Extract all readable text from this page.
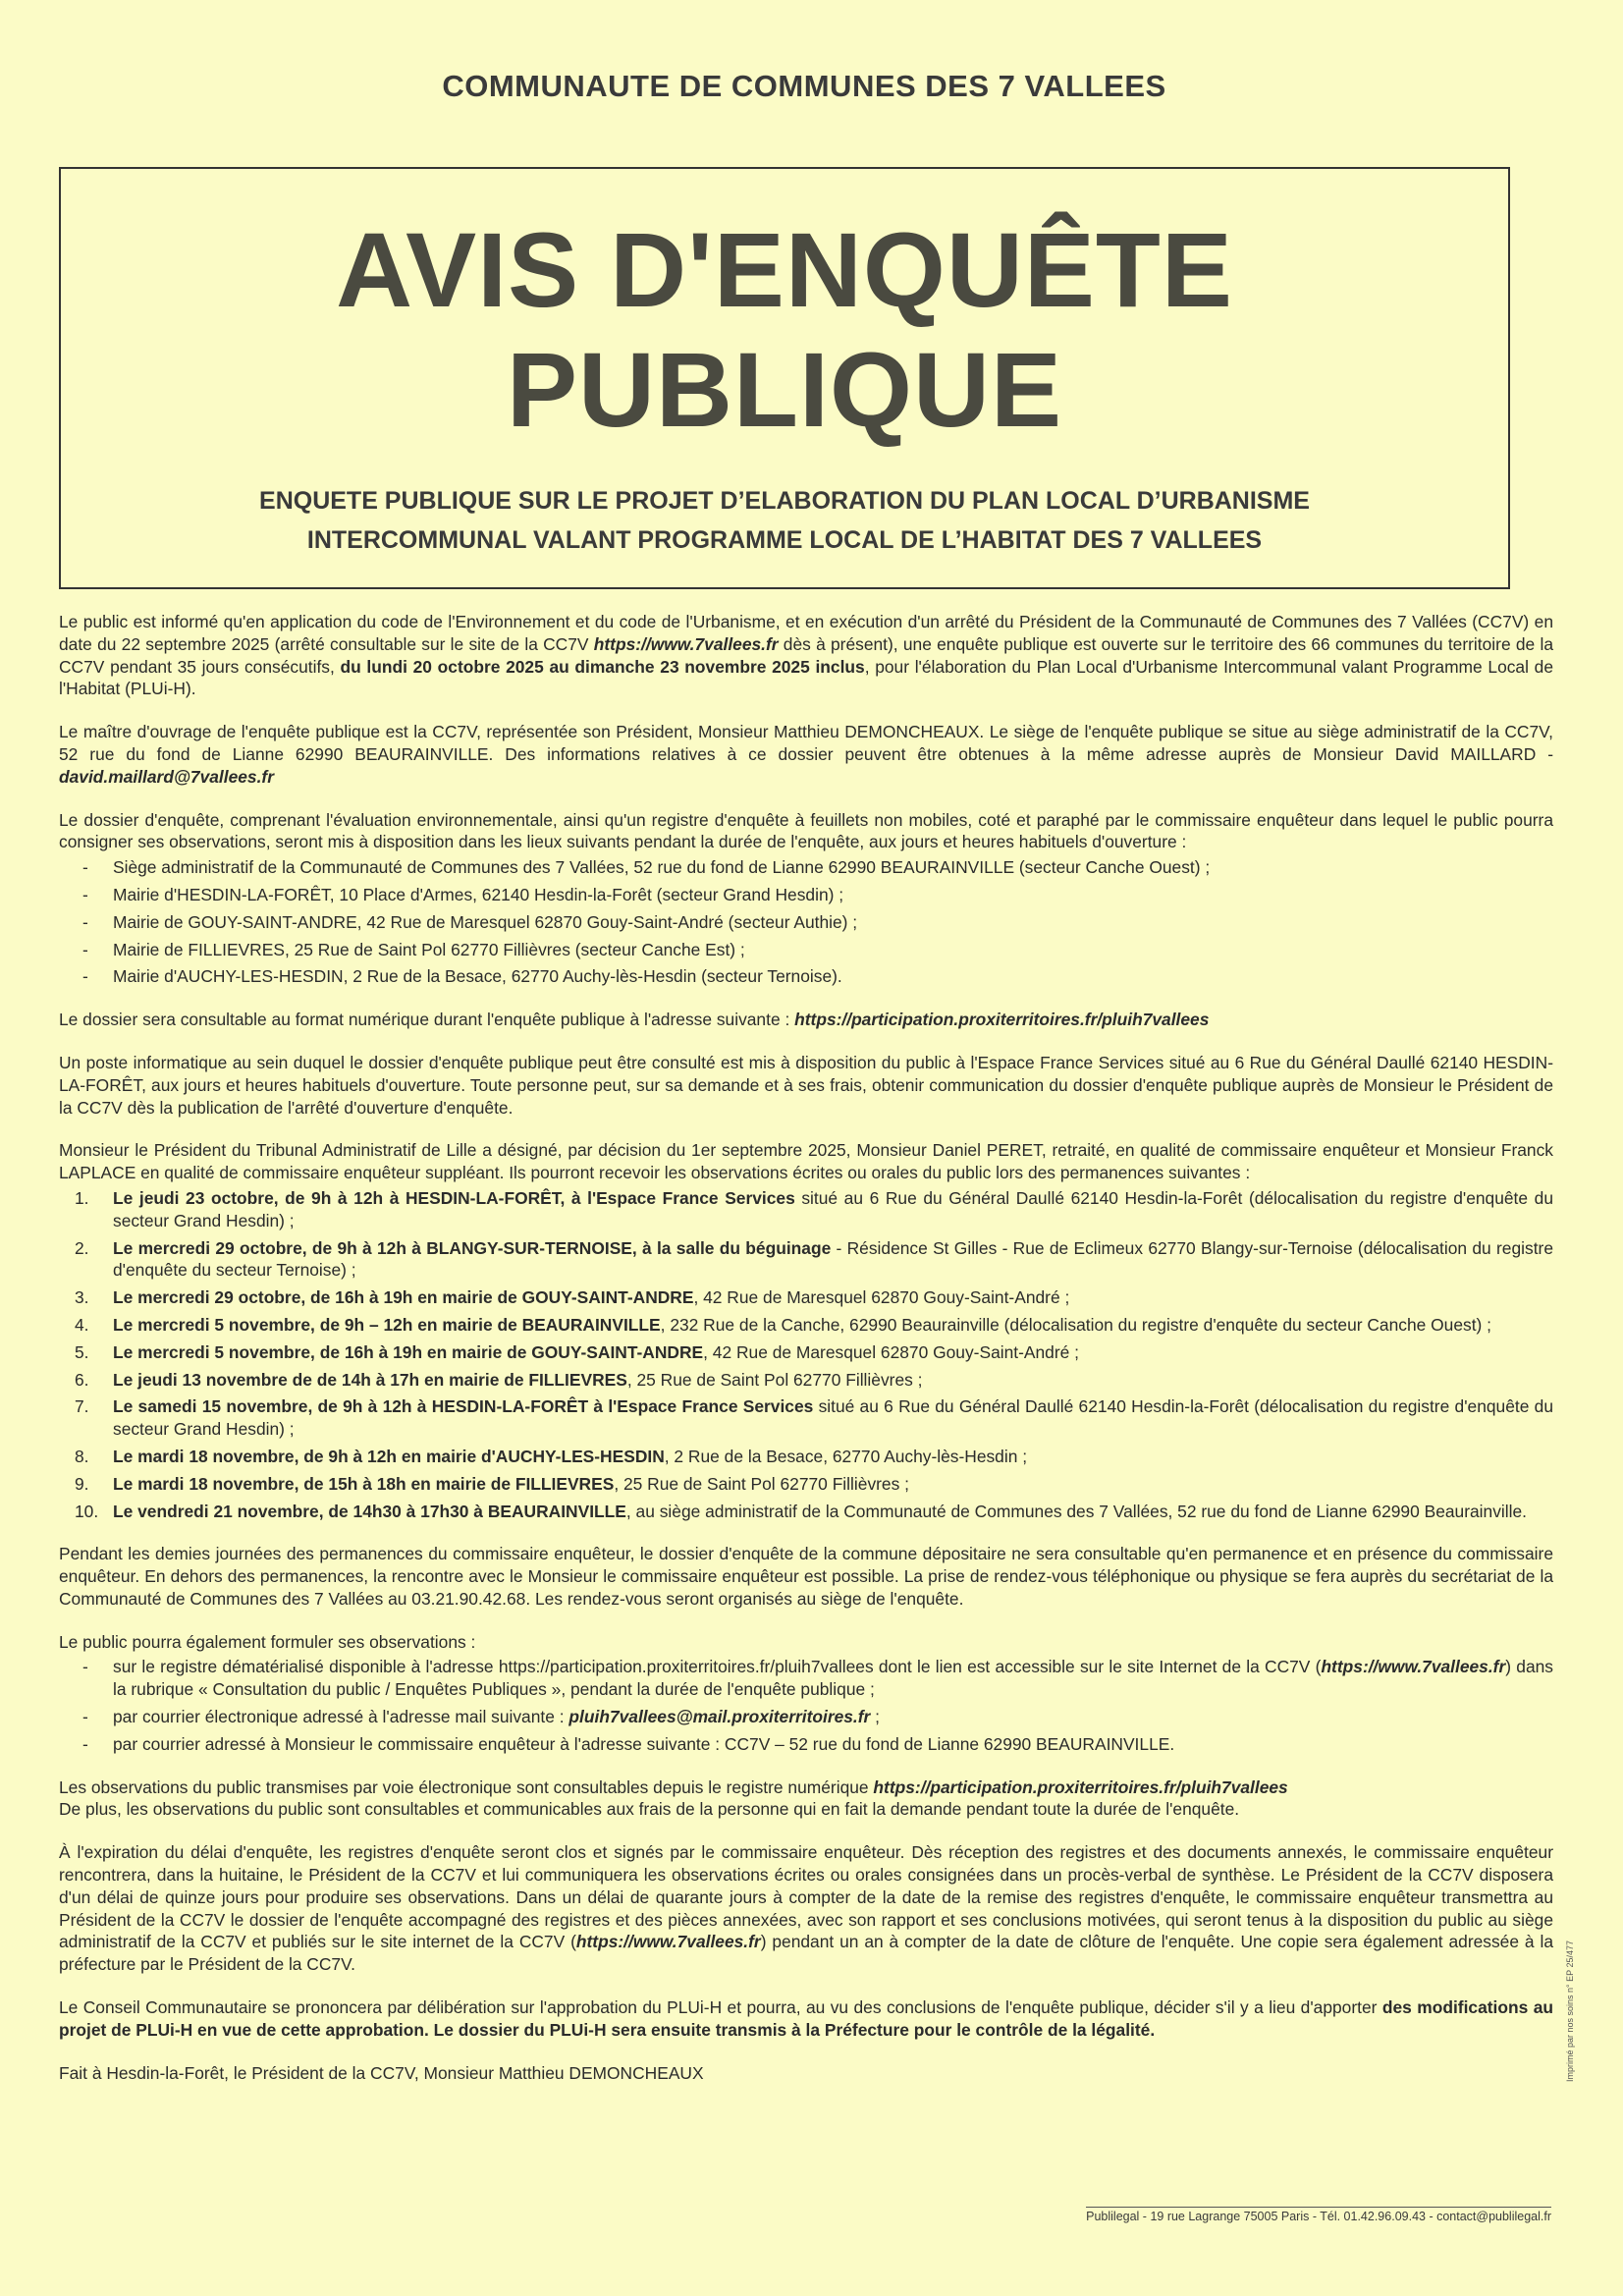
COMMUNAUTE DE COMMUNES DES 7 VALLEES
AVIS D'ENQUÊTE
PUBLIQUE
ENQUETE PUBLIQUE SUR LE PROJET D’ELABORATION DU PLAN LOCAL D’URBANISME
INTERCOMMUNAL VALANT PROGRAMME LOCAL DE L’HABITAT DES 7 VALLEES

Le public est informé qu'en application du code de l'Environnement et du code de l'Urbanisme, et en exécution d'un arrêté du Président de la Communauté de Communes des 7 Vallées (CC7V) en date du 22 septembre 2025 (arrêté consultable sur le site de la CC7V https://www.7vallees.fr dès à présent), une enquête publique est ouverte sur le territoire des 66 communes du territoire de la CC7V pendant 35 jours consécutifs, du lundi 20 octobre 2025 au dimanche 23 novembre 2025 inclus, pour l'élaboration du Plan Local d'Urbanisme Intercommunal valant Programme Local de l'Habitat (PLUi-H).

Le maître d'ouvrage de l'enquête publique est la CC7V, représentée son Président, Monsieur Matthieu DEMONCHEAUX. Le siège de l'enquête publique se situe au siège administratif de la CC7V, 52 rue du fond de Lianne 62990 BEAURAINVILLE. Des informations relatives à ce dossier peuvent être obtenues à la même adresse auprès de Monsieur David MAILLARD - david.maillard@7vallees.fr

Le dossier d'enquête, comprenant l'évaluation environnementale, ainsi qu'un registre d'enquête à feuillets non mobiles, coté et paraphé par le commissaire enquêteur dans lequel le public pourra consigner ses observations, seront mis à disposition dans les lieux suivants pendant la durée de l'enquête, aux jours et heures habituels d'ouverture :

- Siège administratif de la Communauté de Communes des 7 Vallées, 52 rue du fond de Lianne 62990 BEAURAINVILLE (secteur Canche Ouest) ;
- Mairie d'HESDIN-LA-FORÊT, 10 Place d'Armes, 62140 Hesdin-la-Forêt (secteur Grand Hesdin) ;
- Mairie de GOUY-SAINT-ANDRE, 42 Rue de Maresquel 62870 Gouy-Saint-André (secteur Authie) ;
- Mairie de FILLIEVRES, 25 Rue de Saint Pol 62770 Fillièvres (secteur Canche Est) ;
- Mairie d'AUCHY-LES-HESDIN, 2 Rue de la Besace, 62770 Auchy-lès-Hesdin (secteur Ternoise).

Le dossier sera consultable au format numérique durant l'enquête publique à l'adresse suivante : https://participation.proxiterritoires.fr/pluih7vallees

Un poste informatique au sein duquel le dossier d'enquête publique peut être consulté est mis à disposition du public à l'Espace France Services situé au 6 Rue du Général Daullé 62140 HESDIN-LA-FORÊT, aux jours et heures habituels d'ouverture. Toute personne peut, sur sa demande et à ses frais, obtenir communication du dossier d'enquête publique auprès de Monsieur le Président de la CC7V dès la publication de l'arrêté d'ouverture d'enquête.

Monsieur le Président du Tribunal Administratif de Lille a désigné, par décision du 1er septembre 2025, Monsieur Daniel PERET, retraité, en qualité de commissaire enquêteur et Monsieur Franck LAPLACE en qualité de commissaire enquêteur suppléant. Ils pourront recevoir les observations écrites ou orales du public lors des permanences suivantes :

1.	Le jeudi 23 octobre, de 9h à 12h à HESDIN-LA-FORÊT, à l'Espace France Services situé au 6 Rue du Général Daullé 62140 Hesdin-la-Forêt (délocalisation du registre d'enquête du secteur Grand Hesdin) ;
2.	Le mercredi 29 octobre, de 9h à 12h à BLANGY-SUR-TERNOISE, à la salle du béguinage - Résidence St Gilles - Rue de Eclimeux 62770 Blangy-sur-Ternoise (délocalisation du registre d'enquête du secteur Ternoise) ;
3.	Le mercredi 29 octobre, de 16h à 19h en mairie de GOUY-SAINT-ANDRE, 42 Rue de Maresquel 62870 Gouy-Saint-André ;
4.	Le mercredi 5 novembre, de 9h – 12h en mairie de BEAURAINVILLE, 232 Rue de la Canche, 62990 Beaurainville (délocalisation du registre d'enquête du secteur Canche Ouest) ;
5.	Le mercredi 5 novembre, de 16h à 19h en mairie de GOUY-SAINT-ANDRE, 42 Rue de Maresquel 62870 Gouy-Saint-André ;
6.	Le jeudi 13 novembre de de 14h à 17h en mairie de FILLIEVRES, 25 Rue de Saint Pol 62770 Fillièvres ;
7.	Le samedi 15 novembre, de 9h à 12h à HESDIN-LA-FORÊT à l'Espace France Services situé au 6 Rue du Général Daullé 62140 Hesdin-la-Forêt (délocalisation du registre d'enquête du secteur Grand Hesdin) ;
8.	Le mardi 18 novembre, de 9h à 12h en mairie d'AUCHY-LES-HESDIN, 2 Rue de la Besace, 62770 Auchy-lès-Hesdin ;
9.	Le mardi 18 novembre, de 15h à 18h en mairie de FILLIEVRES, 25 Rue de Saint Pol 62770 Fillièvres ;
10. Le vendredi 21 novembre, de 14h30 à 17h30 à BEAURAINVILLE, au siège administratif de la Communauté de Communes des 7 Vallées, 52 rue du fond de Lianne 62990 Beaurainville.

Pendant les demies journées des permanences du commissaire enquêteur, le dossier d'enquête de la commune dépositaire ne sera consultable qu'en permanence et en présence du commissaire enquêteur. En dehors des permanences, la rencontre avec le Monsieur le commissaire enquêteur est possible. La prise de rendez-vous téléphonique ou physique se fera auprès du secrétariat de la Communauté de Communes des 7 Vallées au 03.21.90.42.68. Les rendez-vous seront organisés au siège de l'enquête.

Le public pourra également formuler ses observations :

- sur le registre dématérialisé disponible à l'adresse https://participation.proxiterritoires.fr/pluih7vallees dont le lien est accessible sur le site Internet de la CC7V (https://www.7vallees.fr) dans la rubrique « Consultation du public / Enquêtes Publiques », pendant la durée de l'enquête publique ;
- par courrier électronique adressé à l'adresse mail suivante : pluih7vallees@mail.proxiterritoires.fr ;
- par courrier adressé à Monsieur le commissaire enquêteur à l'adresse suivante : CC7V – 52 rue du fond de Lianne 62990 BEAURAINVILLE.

Les observations du public transmises par voie électronique sont consultables depuis le registre numérique https://participation.proxiterritoires.fr/pluih7vallees
De plus, les observations du public sont consultables et communicables aux frais de la personne qui en fait la demande pendant toute la durée de l'enquête.

À l'expiration du délai d'enquête, les registres d'enquête seront clos et signés par le commissaire enquêteur. Dès réception des registres et des documents annexés, le commissaire enquêteur rencontrera, dans la huitaine, le Président de la CC7V et lui communiquera les observations écrites ou orales consignées dans un procès-verbal de synthèse. Le Président de la CC7V disposera d'un délai de quinze jours pour produire ses observations. Dans un délai de quarante jours à compter de la date de la remise des registres d'enquête, le commissaire enquêteur transmettra au Président de la CC7V le dossier de l'enquête accompagné des registres et des pièces annexées, avec son rapport et ses conclusions motivées, qui seront tenus à la disposition du public au siège administratif de la CC7V et publiés sur le site internet de la CC7V (https://www.7vallees.fr) pendant un an à compter de la date de clôture de l'enquête. Une copie sera également adressée à la préfecture par le Président de la CC7V.

Le Conseil Communautaire se prononcera par délibération sur l'approbation du PLUi-H et pourra, au vu des conclusions de l'enquête publique, décider s'il y a lieu d'apporter des modifications au projet de PLUi-H en vue de cette approbation. Le dossier du PLUi-H sera ensuite transmis à la Préfecture pour le contrôle de la légalité.

Fait à Hesdin-la-Forêt, le Président de la CC7V, Monsieur Matthieu DEMONCHEAUX

Publilegal - 19 rue Lagrange 75005 Paris - Tél. 01.42.96.09.43 - contact@publilegal.fr
Imprimé par nos soins n° EP 25/477
